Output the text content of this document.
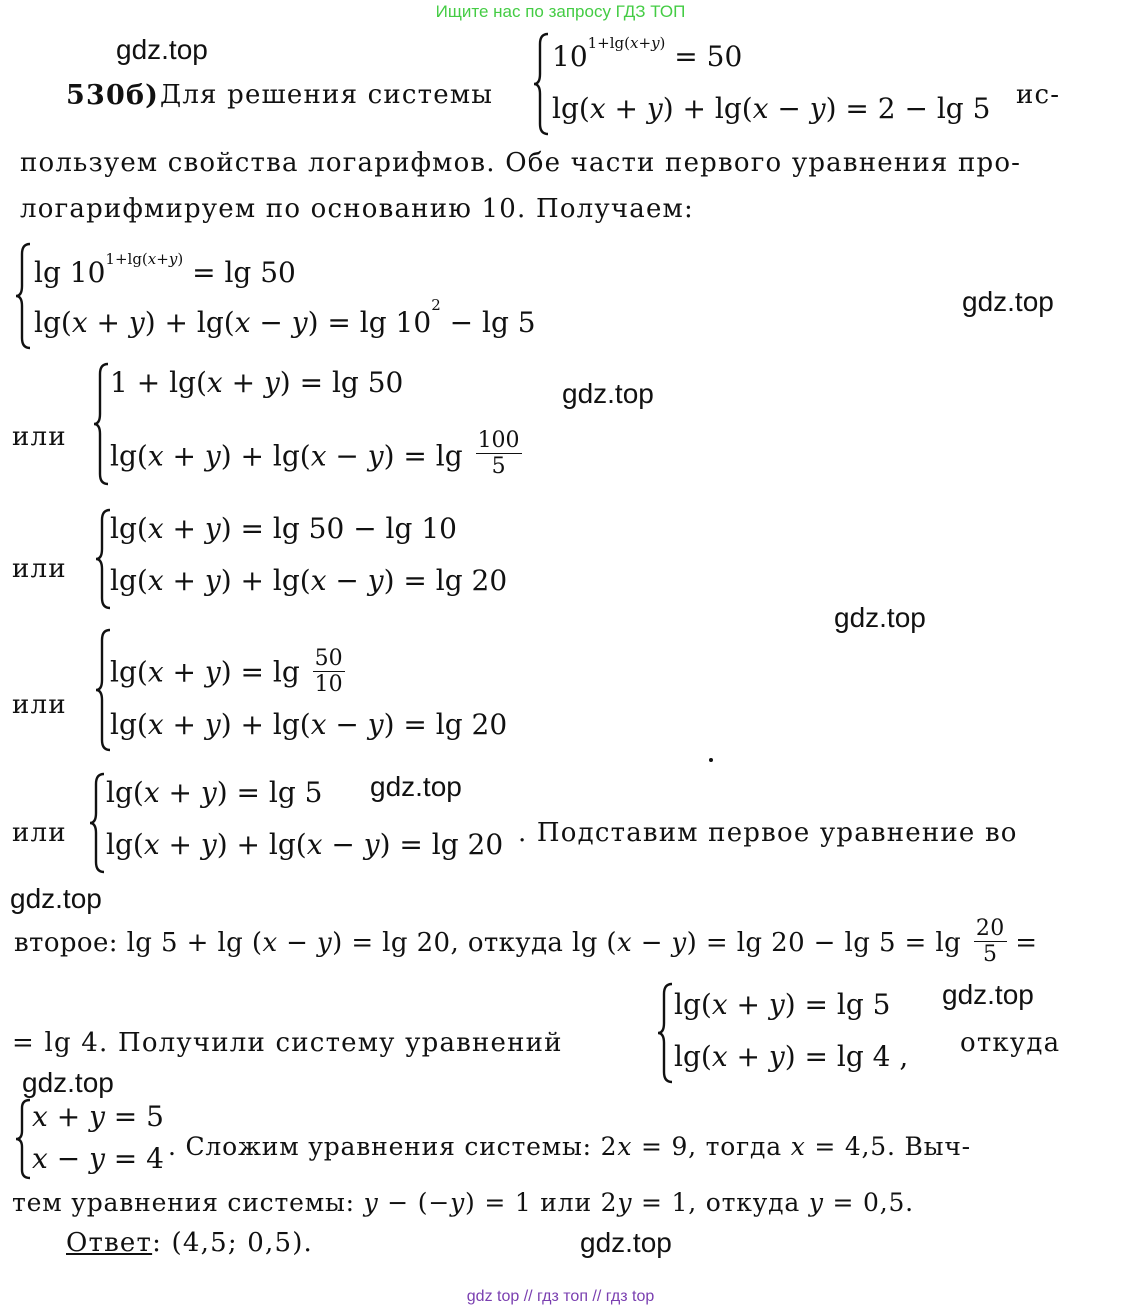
Ищите нас по запросу ГДЗ ТОП
gdz.top
gdz.top
gdz.top
gdz.top
gdz.top
gdz.top
gdz.top
gdz.top
gdz.top
530б) Для решения системы
$10^{1+lg(x+y)} = 50$
lg(x + y) + lg(x − y) = 2 − lg 5 ис-
пользуем свойства логарифмов. Обе части первого уравнения про-
логарифмируем по основанию 10. Получаем:
$\lg 10^{1+lg(x+y)} = \lg 50$
$\lg(x + y) + \lg(x - y) = \lg 10^2 - \lg 5$
или
1 + lg(x + y) = lg 50
$\lg(x + y) + \lg(x - y) = \lg \frac{100}{5}$
или
lg(x + y) = lg 50 − lg 10
lg(x + y) + lg(x − y) = lg 20
или
$\lg(x + y) = \lg \frac{50}{10}$
lg(x + y) + lg(x − y) = lg 20
или
lg(x + y) = lg 5
lg(x + y) + lg(x − y) = lg 20 . Подставим первое уравнение во
второе: lg 5 + lg (x − y) = lg 20, откуда $\lg (x - y) = \lg 20 - \lg 5 = \lg \frac{20}{5}$ =
= lg 4. Получили систему уравнений
lg(x + y) = lg 5
lg(x + y) = lg 4 , откуда
x + y = 5
x − y = 4 . Сложим уравнения системы: 2x = 9, тогда x = 4,5. Выч-
тем уравнения системы: y − (−y) = 1 или 2y = 1, откуда y = 0,5.
Ответ: (4,5; 0,5).
gdz top // гдз топ // гдз top
